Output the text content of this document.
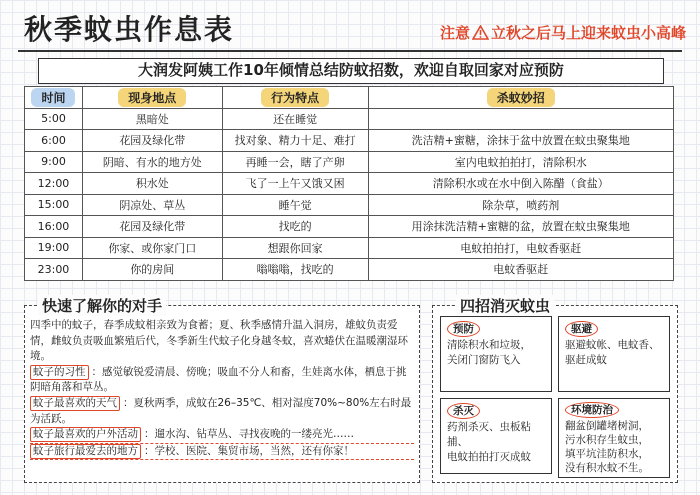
秋季蚊虫作息表	注意 立秋之后马上迎来蚊虫小高峰
大润发阿姨工作10年倾情总结防蚊招数，欢迎自取回家对应预防
时间	现身地点	行为特点	杀蚊妙招
5:00	黑暗处	还在睡觉	
6:00	花园及绿化带	找对象、精力十足、难打	洗洁精+蜜糖，涂抹于盆中放置在蚊虫聚集地
9:00	阴暗、有水的地方处	再睡一会，瞎了产卵	室内电蚊拍拍打，清除积水
12:00	积水处	飞了一上午又饿又困	清除积水或在水中倒入陈醋（食盐）
15:00	阴凉处、草丛	睡午觉	除杂草，喷药剂
16:00	花园及绿化带	找吃的	用涂抹洗洁精+蜜糖的盆，放置在蚊虫聚集地
19:00	你家、或你家门口	想跟你回家	电蚊拍拍打，电蚊香驱赶
23:00	你的房间	嗡嗡嗡，找吃的	电蚊香驱赶
快速了解你的对手

四季中的蚊子，春季成蚊相亲致为食蓄；夏、秋季感情升温入洞房，雄蚊负责爱情，雌蚊负责吸血繁殖后代，冬季新生代蚊子化身越冬蚊，喜欢蜷伏在温暖潮湿环境。

蚊子的习性 ：感觉敏锐爱清晨、傍晚；吸血不分人和畜，生娃离水体，栖息于挑阴暗角落和草丛。

蚊子最喜欢的天气 ：夏秋两季，成蚊在26–35℃、相对湿度70%~80%左右时最为活跃。

蚊子最喜欢的户外活动 ：遛水沟、钻草丛、寻找夜晚的一缕亮光……

蚊子旅行最爱去的地方 ：学校、医院、集贸市场，当然，还有你家！

四招消灭蚊虫
预防

清除积水和垃圾，

关闭门窗防飞入

驱避

驱避蚊帐、电蚊香、

驱赶成蚊

杀灭

药剂杀灭、虫板粘捕、

电蚊拍拍打灭成蚊

环境防治

翻盆倒罐堵树洞，

污水积存生蚊虫，

填平坑洼防积水，

没有积水蚊不生。
